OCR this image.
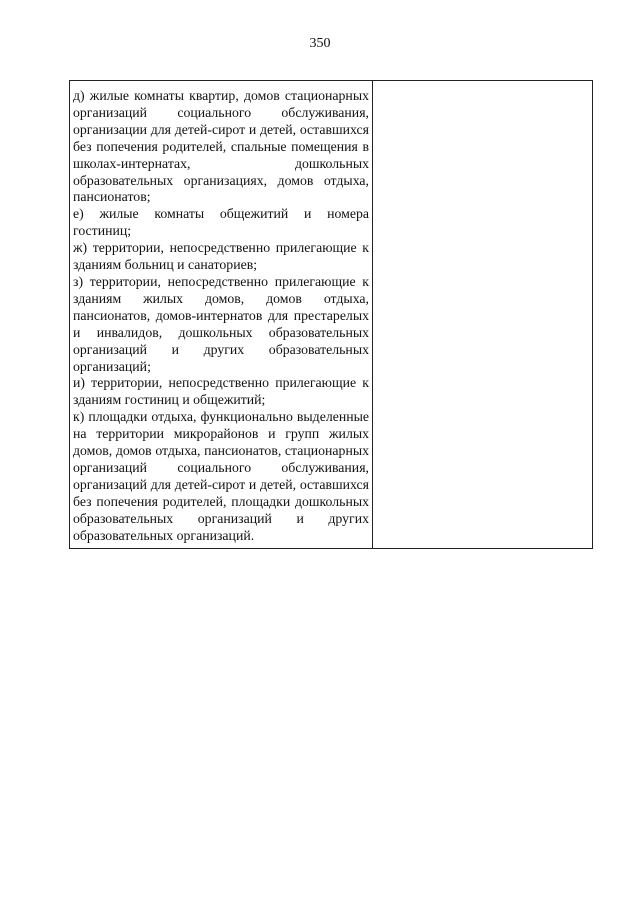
350

д) жилые комнаты квартир, домов стационарных организаций социального обслуживания, организации для детей-сирот и детей, оставшихся без попечения родителей, спальные помещения в школах-интернатах, дошкольных образовательных организациях, домов отдыха, пансионатов;

е) жилые комнаты общежитий и номера гостиниц;

ж) территории, непосредственно прилегающие к зданиям больниц и санаториев;

з) территории, непосредственно прилегающие к зданиям жилых домов, домов отдыха, пансионатов, домов-интернатов для престарелых и инвалидов, дошкольных образовательных организаций и других образовательных организаций;

и) территории, непосредственно прилегающие к зданиям гостиниц и общежитий;

к) площадки отдыха, функционально выделенные на территории микрорайонов и групп жилых домов, домов отдыха, пансионатов, стационарных организаций социального обслуживания, организаций для детей-сирот и детей, оставшихся без попечения родителей, площадки дошкольных образовательных организаций и других образовательных организаций.
